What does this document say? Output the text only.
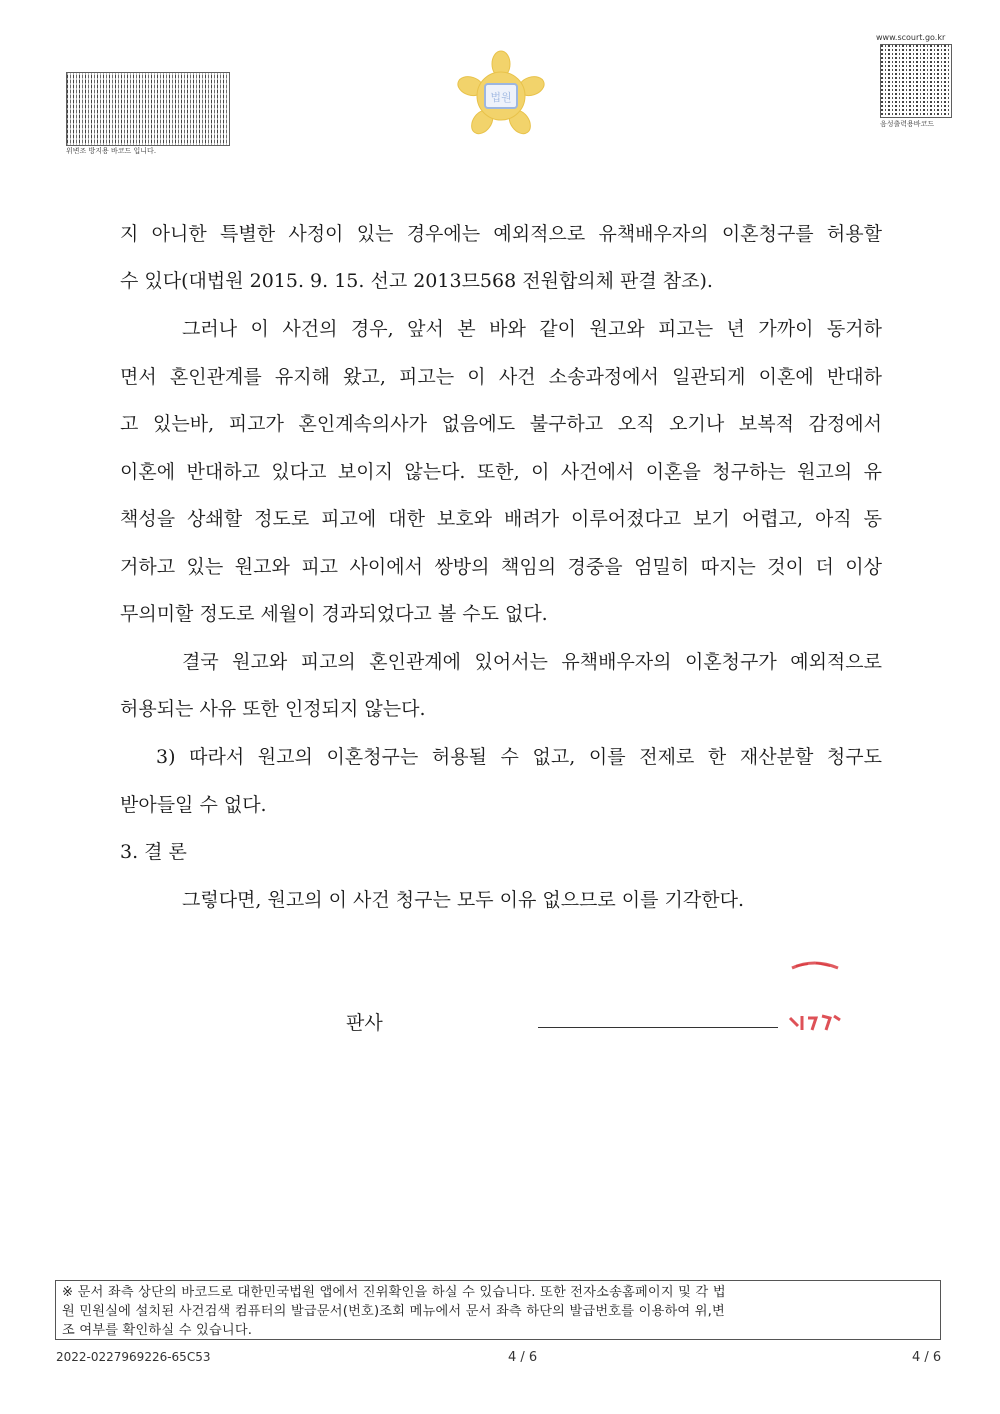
위변조 방지용 바코드 입니다.
법원
www.scourt.go.kr
음성출력용바코드
지 아니한 특별한 사정이 있는 경우에는 예외적으로 유책배우자의 이혼청구를 허용할
수 있다(대법원 2015. 9. 15. 선고 2013므568 전원합의체 판결 참조).
그러나 이 사건의 경우, 앞서 본 바와 같이 원고와 피고는 년 가까이 동거하
면서 혼인관계를 유지해 왔고, 피고는 이 사건 소송과정에서 일관되게 이혼에 반대하
고 있는바, 피고가 혼인계속의사가 없음에도 불구하고 오직 오기나 보복적 감정에서
이혼에 반대하고 있다고 보이지 않는다. 또한, 이 사건에서 이혼을 청구하는 원고의 유
책성을 상쇄할 정도로 피고에 대한 보호와 배려가 이루어졌다고 보기 어렵고, 아직 동
거하고 있는 원고와 피고 사이에서 쌍방의 책임의 경중을 엄밀히 따지는 것이 더 이상
무의미할 정도로 세월이 경과되었다고 볼 수도 없다.
결국 원고와 피고의 혼인관계에 있어서는 유책배우자의 이혼청구가 예외적으로
허용되는 사유 또한 인정되지 않는다.
3) 따라서 원고의 이혼청구는 허용될 수 없고, 이를 전제로 한 재산분할 청구도
받아들일 수 없다.
3. 결 론
그렇다면, 원고의 이 사건 청구는 모두 이유 없으므로 이를 기각한다.
판사
※ 문서 좌측 상단의 바코드로 대한민국법원 앱에서 진위확인을 하실 수 있습니다. 또한 전자소송홈페이지 및 각 법
원 민원실에 설치된 사건검색 컴퓨터의 발급문서(번호)조회 메뉴에서 문서 좌측 하단의 발급번호를 이용하여 위,변
조 여부를 확인하실 수 있습니다.
2022-0227969226-65C53	4 / 6	4 / 6
